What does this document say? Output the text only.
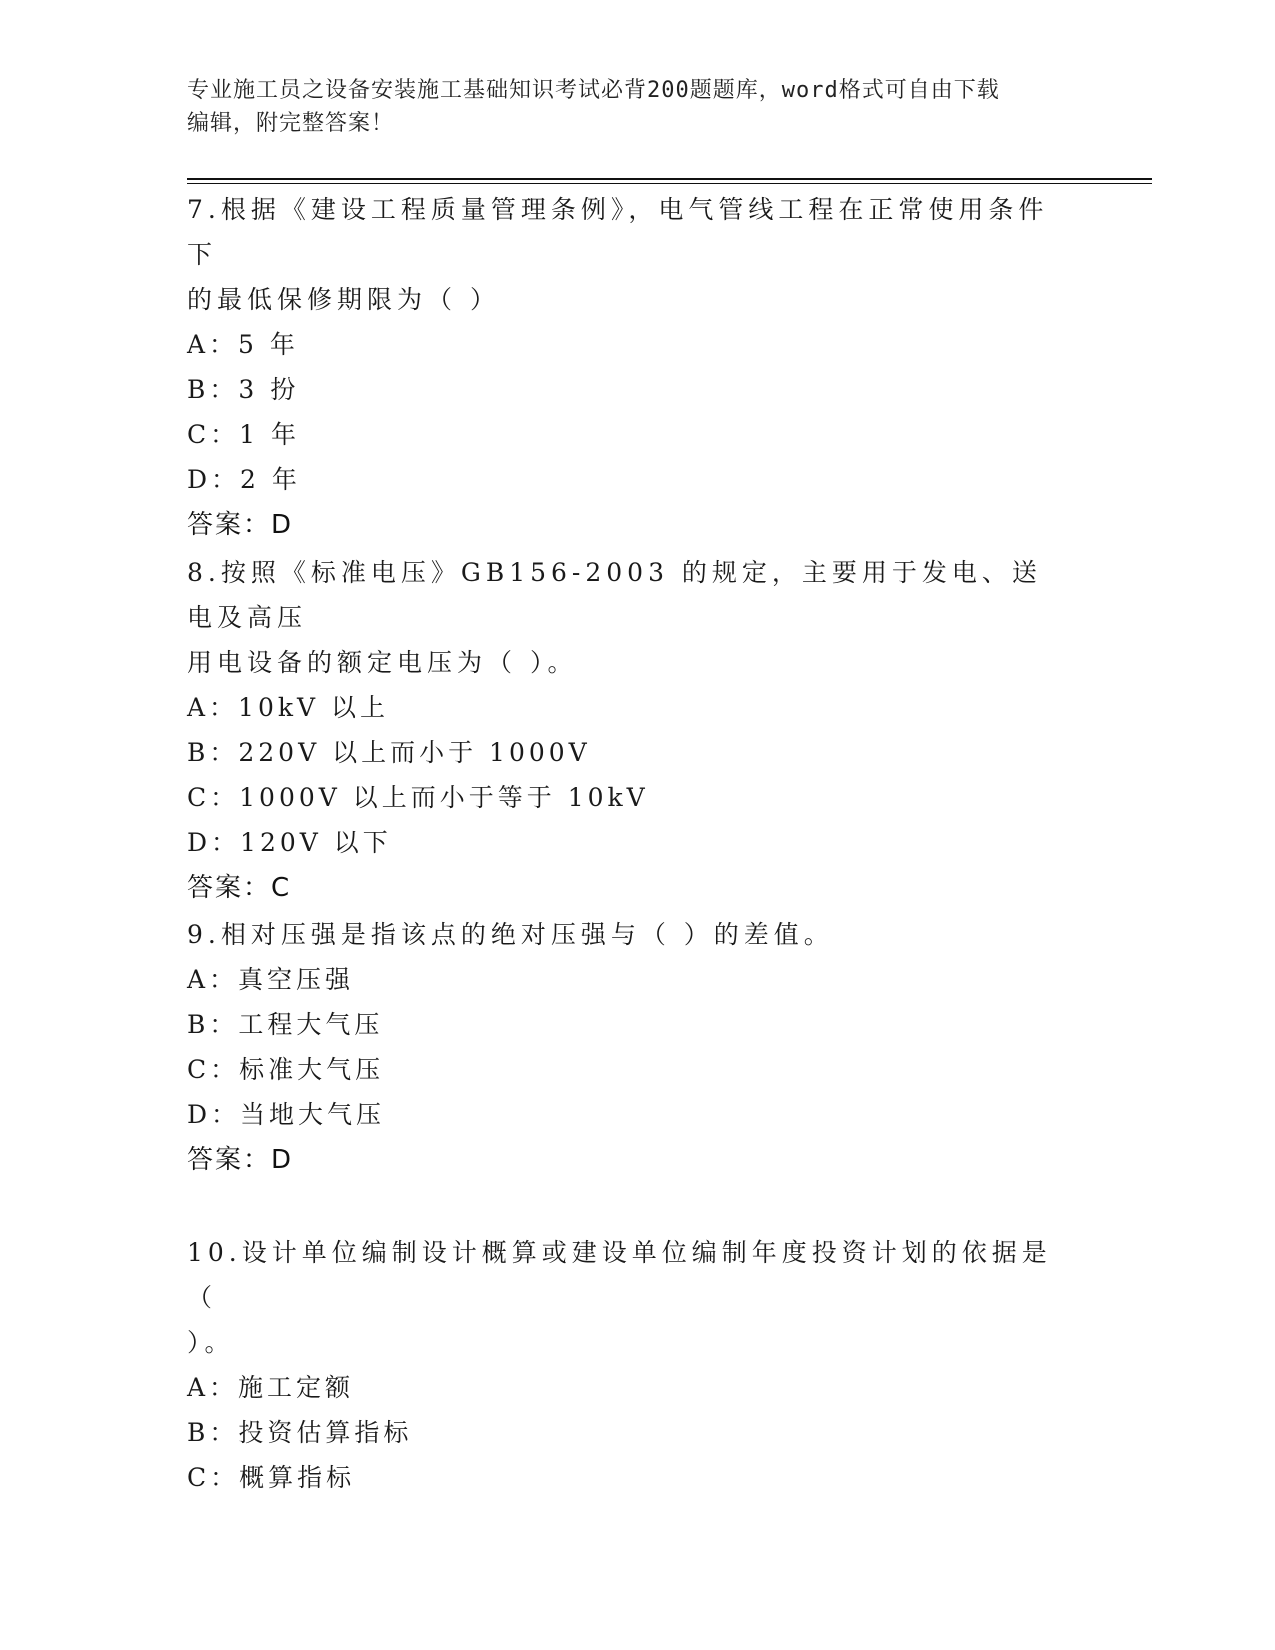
专业施工员之设备安装施工基础知识考试必背200题题库，word格式可自由下载
编辑，附完整答案！
7.根据《建设工程质量管理条例》，电气管线工程在正常使用条件下
的最低保修期限为（ ）
A：5 年
B：3 扮
C：1 年
D：2 年
答案：D
8.按照《标准电压》GB156-2003 的规定，主要用于发电、送电及高压
用电设备的额定电压为（ ）。
A：10kV 以上
B：220V 以上而小于 1000V
C：1000V 以上而小于等于 10kV
D：120V 以下
答案：C
9.相对压强是指该点的绝对压强与（ ）的差值。
A：真空压强
B：工程大气压
C：标准大气压
D：当地大气压
答案：D
10.设计单位编制设计概算或建设单位编制年度投资计划的依据是（
）。
A：施工定额
B：投资估算指标
C：概算指标
